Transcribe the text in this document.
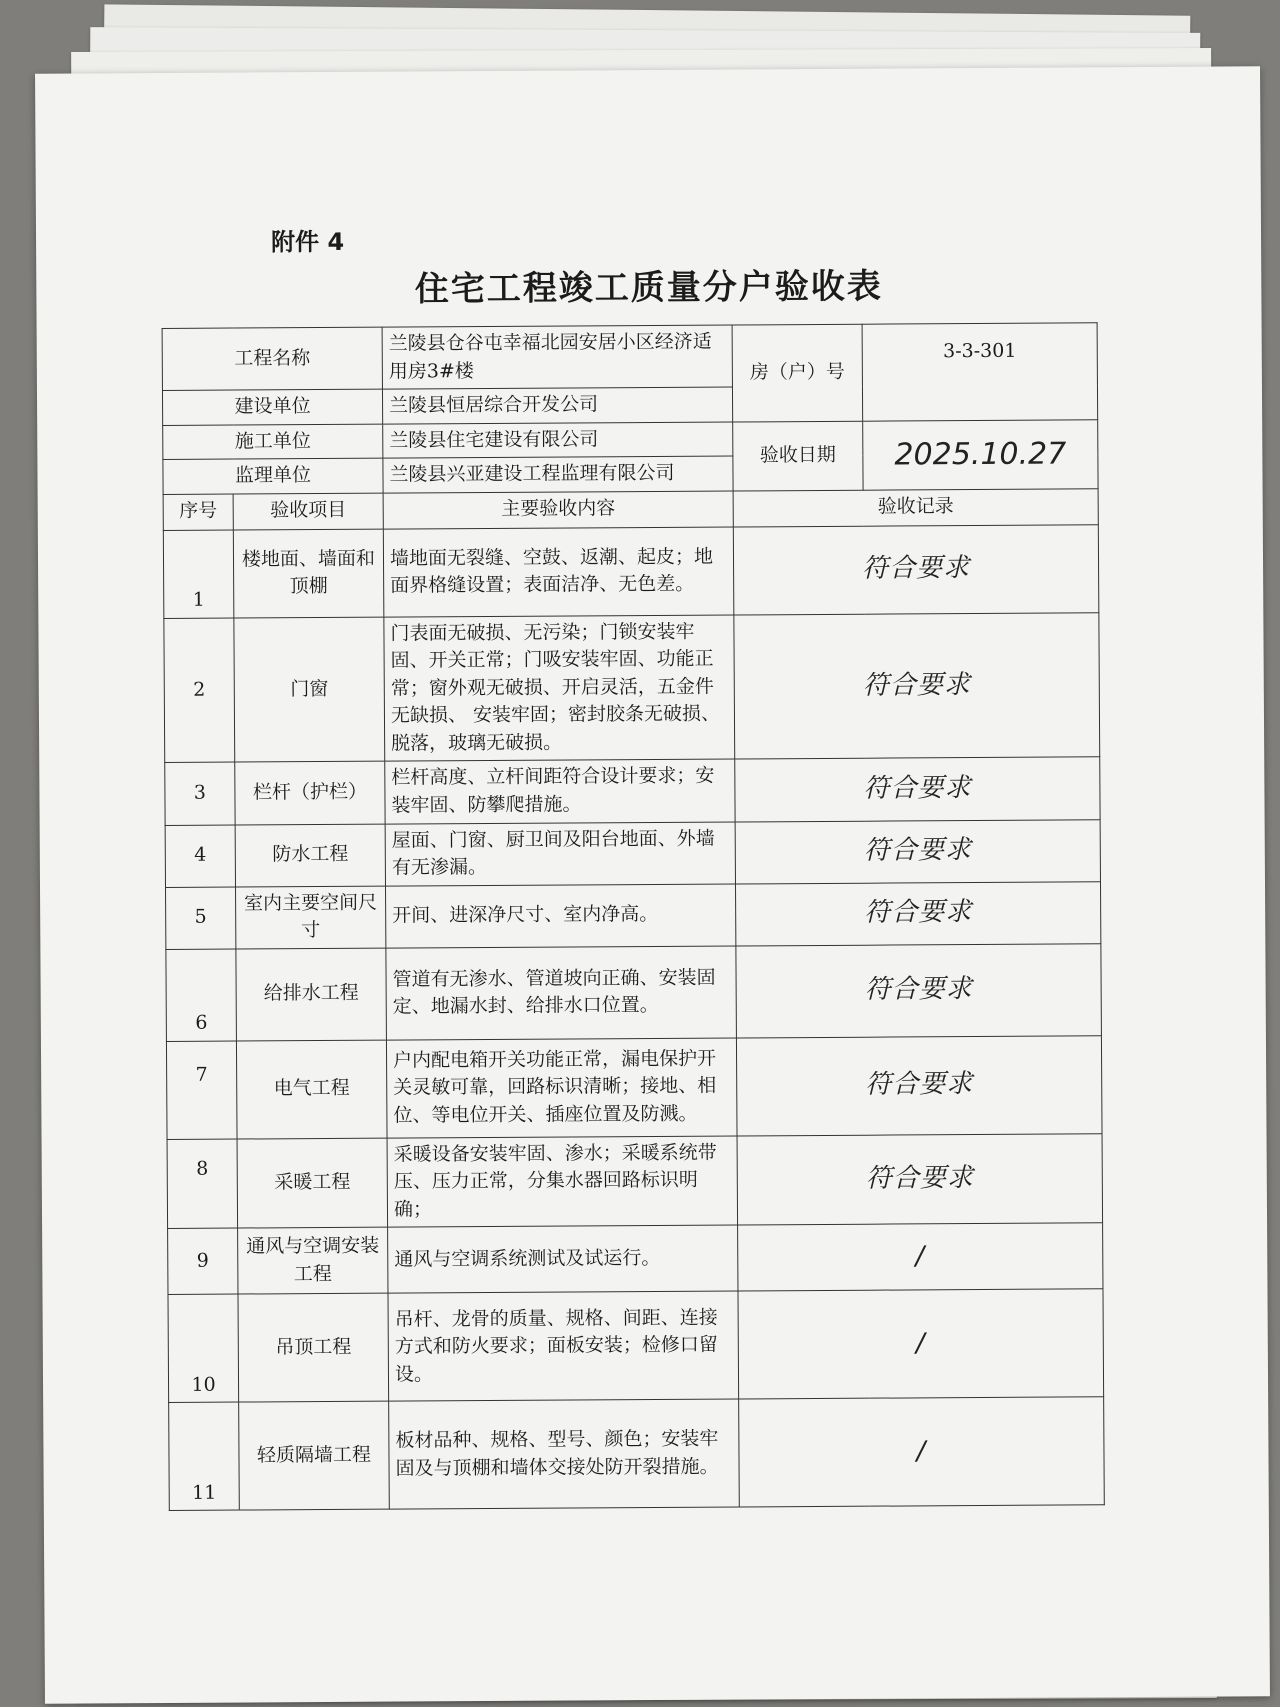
附件 4
住宅工程竣工质量分户验收表
工程名称		兰陵县仓谷屯幸福北园安居小区经济适用房3#楼	房（户）号	3-3-301
建设单位		兰陵县恒居综合开发公司		
施工单位		兰陵县住宅建设有限公司	验收日期	2025.10.27
监理单位		兰陵县兴亚建设工程监理有限公司		
序号	验收项目	主要验收内容	验收记录	
1	楼地面、墙面和顶棚	墙地面无裂缝、空鼓、返潮、起皮；地面界格缝设置；表面洁净、无色差。	符合要求	
2	门窗	门表面无破损、无污染；门锁安装牢固、开关正常；门吸安装牢固、功能正常；窗外观无破损、开启灵活，五金件无缺损、 安装牢固；密封胶条无破损、脱落，玻璃无破损。	符合要求	
3	栏杆（护栏）	栏杆高度、立杆间距符合设计要求；安装牢固、防攀爬措施。	符合要求	
4	防水工程	屋面、门窗、厨卫间及阳台地面、外墙有无渗漏。	符合要求	
5	室内主要空间尺寸	开间、进深净尺寸、室内净高。	符合要求	
6	给排水工程	管道有无渗水、管道坡向正确、安装固定、地漏水封、给排水口位置。	符合要求	
7	电气工程	户内配电箱开关功能正常，漏电保护开关灵敏可靠，回路标识清晰；接地、相位、等电位开关、插座位置及防溅。	符合要求	
8	采暖工程	采暖设备安装牢固、渗水；采暖系统带压、压力正常，分集水器回路标识明确；	符合要求	
9	通风与空调安装工程	通风与空调系统测试及试运行。	/	
10	吊顶工程	吊杆、龙骨的质量、规格、间距、连接方式和防火要求；面板安装；检修口留设。	/	
11	轻质隔墙工程	板材品种、规格、型号、颜色；安装牢固及与顶棚和墙体交接处防开裂措施。	/	
